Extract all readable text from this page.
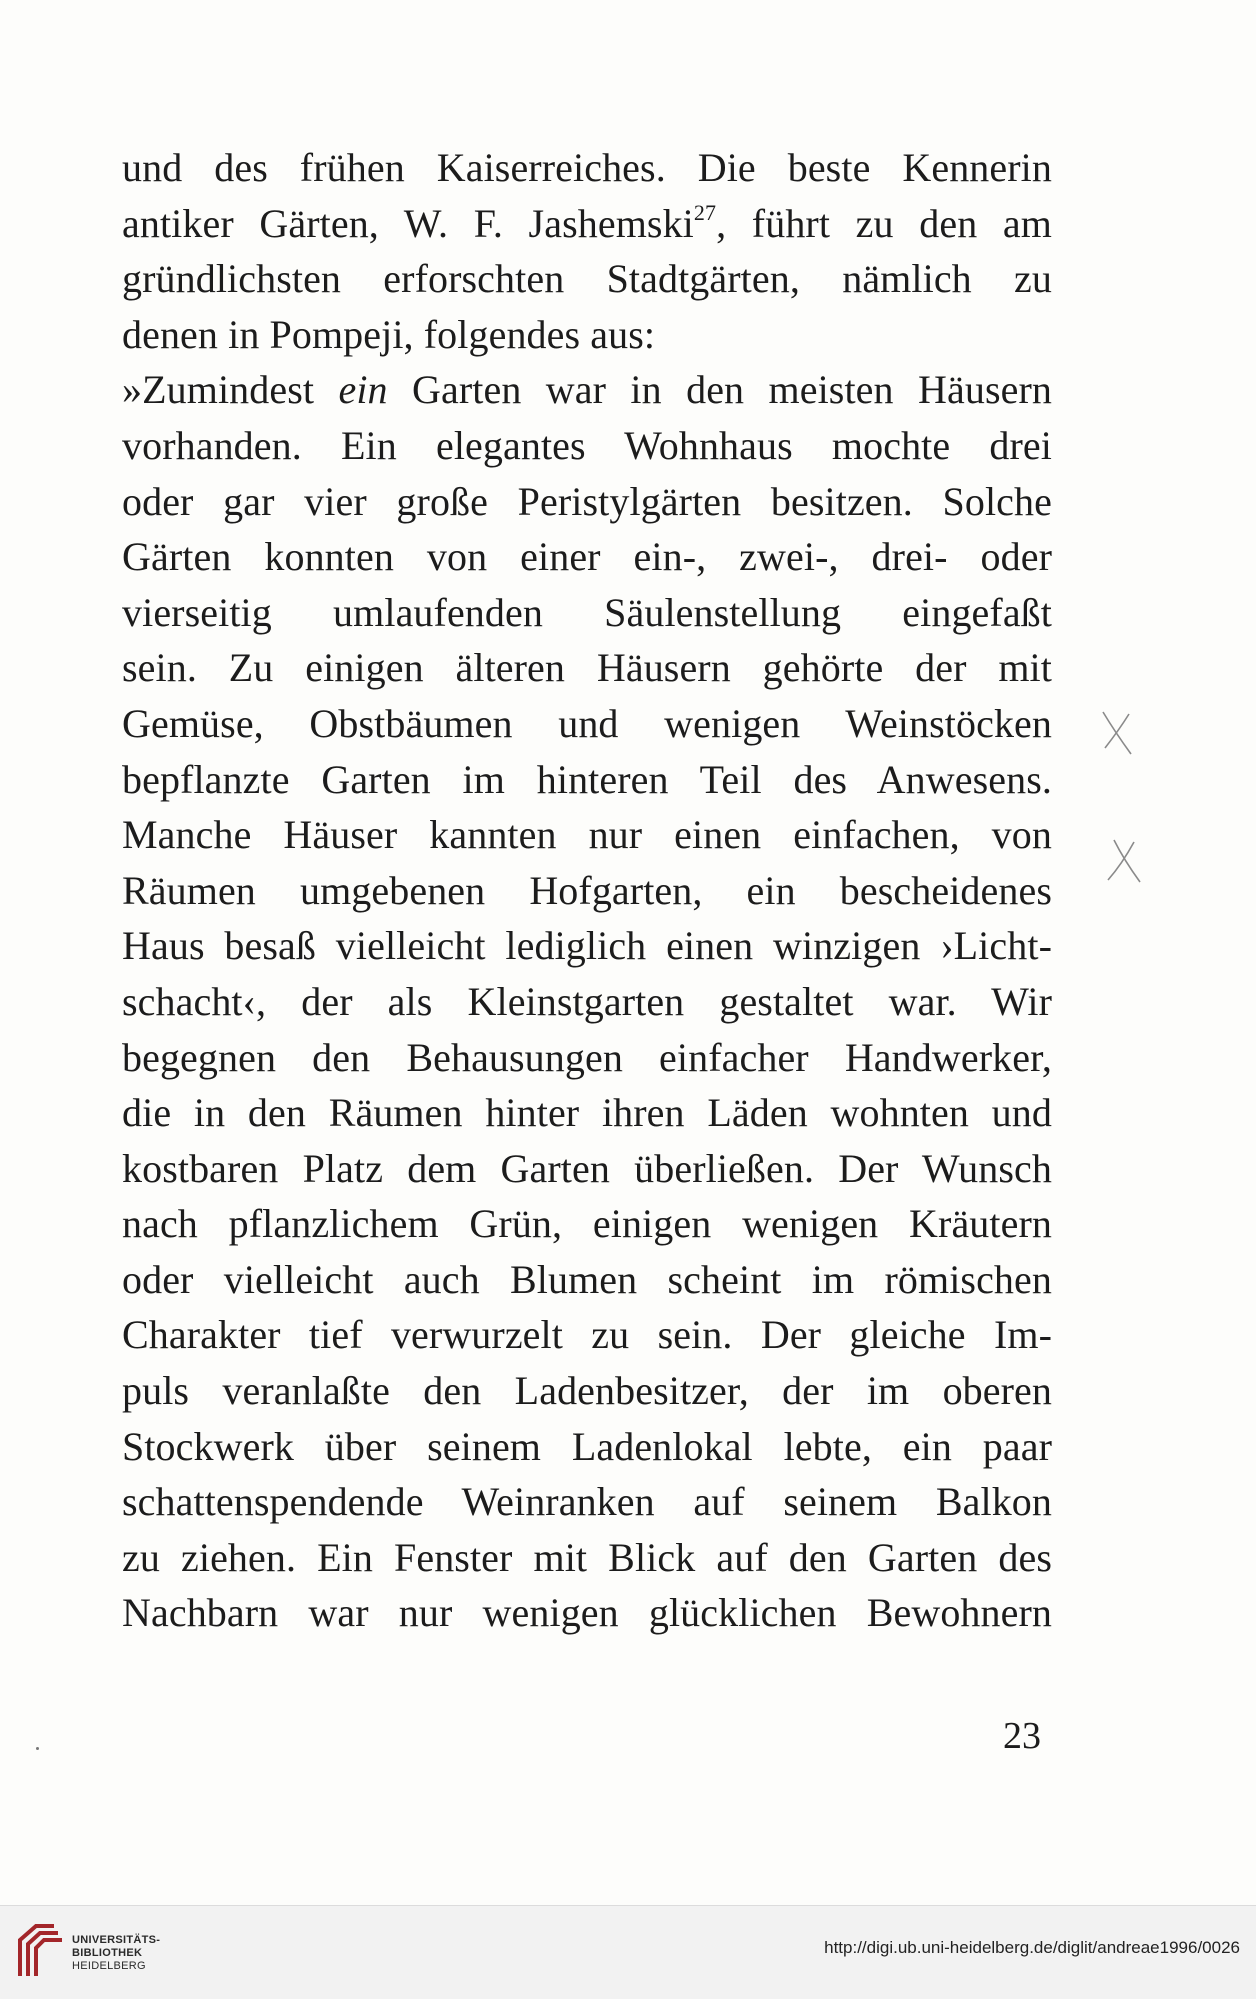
und des frühen Kaiserreiches. Die beste Kennerin
antiker Gärten, W. F. Jashemski$^{27}$, führt zu den am
gründlichsten erforschten Stadtgärten, nämlich zu
denen in Pompeji, folgendes aus:
»Zumindest ein Garten war in den meisten Häusern
vorhanden. Ein elegantes Wohnhaus mochte drei
oder gar vier große Peristylgärten besitzen. Solche
Gärten konnten von einer ein-, zwei-, drei- oder
vierseitig umlaufenden Säulenstellung eingefaßt
sein. Zu einigen älteren Häusern gehörte der mit
Gemüse, Obstbäumen und wenigen Weinstöcken
bepflanzte Garten im hinteren Teil des Anwesens.
Manche Häuser kannten nur einen einfachen, von
Räumen umgebenen Hofgarten, ein bescheidenes
Haus besaß vielleicht lediglich einen winzigen ›Licht-
schacht‹, der als Kleinstgarten gestaltet war. Wir
begegnen den Behausungen einfacher Handwerker,
die in den Räumen hinter ihren Läden wohnten und
kostbaren Platz dem Garten überließen. Der Wunsch
nach pflanzlichem Grün, einigen wenigen Kräutern
oder vielleicht auch Blumen scheint im römischen
Charakter tief verwurzelt zu sein. Der gleiche Im-
puls veranlaßte den Ladenbesitzer, der im oberen
Stockwerk über seinem Ladenlokal lebte, ein paar
schattenspendende Weinranken auf seinem Balkon
zu ziehen. Ein Fenster mit Blick auf den Garten des
Nachbarn war nur wenigen glücklichen Bewohnern
23
UNIVERSITÄTS-
BIBLIOTHEK
HEIDELBERG
http://digi.ub.uni-heidelberg.de/diglit/andreae1996/0026
